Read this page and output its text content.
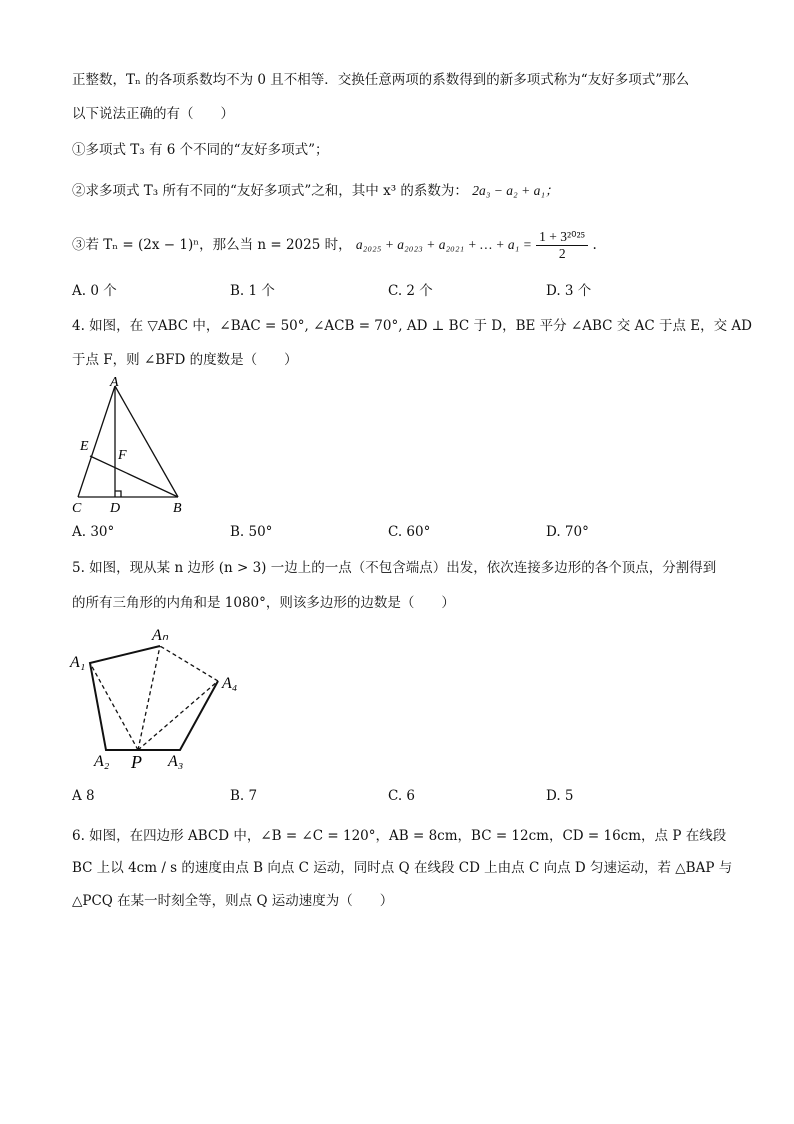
正整数，Tₙ 的各项系数均不为 0 且不相等．交换任意两项的系数得到的新多项式称为“友好多项式”那么
以下说法正确的有（　　）
①多项式 T₃ 有 6 个不同的“友好多项式”；
②求多项式 T₃ 所有不同的“友好多项式”之和，其中 x³ 的系数为： 2a₃ − a₂ + a₁；
③若 Tₙ = (2x − 1)ⁿ，那么当 n = 2025 时， a₂₀₂₅ + a₂₀₂₃ + a₂₀₂₁ + … + $a_1 = \frac{\text{1 + 3²⁰²⁵}}{2}$ .
A. 0 个	B. 1 个	C. 2 个	D. 3 个
4. 如图，在 ▽ABC 中，∠BAC = 50°, ∠ACB = 70°, AD ⊥ BC 于 D，BE 平分 ∠ABC 交 AC 于点 E，交 AD
于点 F，则 ∠BFD 的度数是（　　）
A
E
F
C D	B
A. 30°	B. 50°	C. 60°	D. 70°
5. 如图，现从某 n 边形 (n > 3) 一边上的一点（不包含端点）出发，依次连接多边形的各个顶点，分割得到
的所有三角形的内角和是 1080°，则该多边形的边数是（　　）
A₁
Aₙ
A₄
A₂ P A₃
A 8	B. 7	C. 6	D. 5
6. 如图，在四边形 ABCD 中，∠B = ∠C = 120°，AB = 8cm，BC = 12cm，CD = 16cm，点 P 在线段
BC 上以 4cm / s 的速度由点 B 向点 C 运动，同时点 Q 在线段 CD 上由点 C 向点 D 匀速运动，若 △BAP 与
△PCQ 在某一时刻全等，则点 Q 运动速度为（　　）
